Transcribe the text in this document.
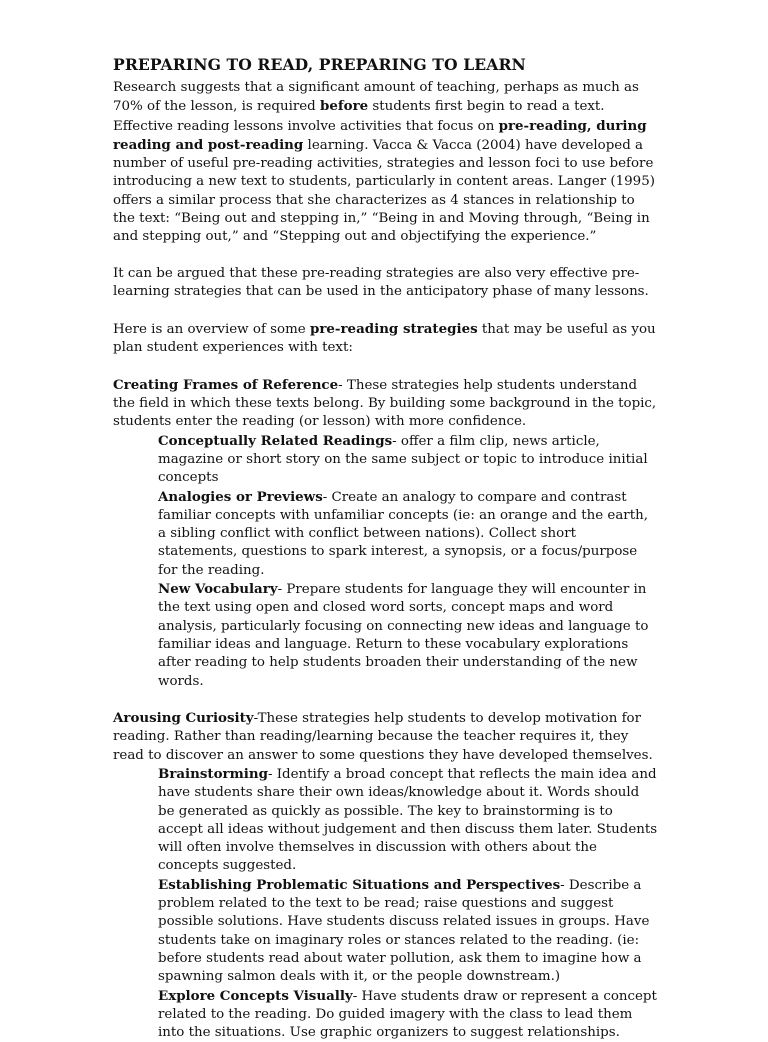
PREPARING TO READ, PREPARING TO LEARN

Research suggests that a significant amount of teaching, perhaps as much as 70% of the lesson, is required before students first begin to read a text. Effective reading lessons involve activities that focus on pre-reading, during reading and post-reading learning. Vacca & Vacca (2004) have developed a number of useful pre-reading activities, strategies and lesson foci to use before introducing a new text to students, particularly in content areas. Langer (1995) offers a similar process that she characterizes as 4 stances in relationship to the text: “Being out and stepping in,” “Being in and Moving through, “Being in and stepping out,” and “Stepping out and objectifying the experience.”

It can be argued that these pre-reading strategies are also very effective pre-learning strategies that can be used in the anticipatory phase of many lessons.

Here is an overview of some pre-reading strategies that may be useful as you plan student experiences with text:

Creating Frames of Reference- These strategies help students understand the field in which these texts belong. By building some background in the topic, students enter the reading (or lesson) with more confidence.

Conceptually Related Readings- offer a film clip, news article, magazine or short story on the same subject or topic to introduce initial concepts

Analogies or Previews- Create an analogy to compare and contrast familiar concepts with unfamiliar concepts (ie: an orange and the earth, a sibling conflict with conflict between nations). Collect short statements, questions to spark interest, a synopsis, or a focus/purpose for the reading.

New Vocabulary- Prepare students for language they will encounter in the text using open and closed word sorts, concept maps and word analysis, particularly focusing on connecting new ideas and language to familiar ideas and language. Return to these vocabulary explorations after reading to help students broaden their understanding of the new words.

Arousing Curiosity-These strategies help students to develop motivation for reading. Rather than reading/learning because the teacher requires it, they read to discover an answer to some questions they have developed themselves.

Brainstorming- Identify a broad concept that reflects the main idea and have students share their own ideas/knowledge about it. Words should be generated as quickly as possible. The key to brainstorming is to accept all ideas without judgement and then discuss them later. Students will often involve themselves in discussion with others about the concepts suggested.

Establishing Problematic Situations and Perspectives- Describe a problem related to the text to be read; raise questions and suggest possible solutions. Have students discuss related issues in groups. Have students take on imaginary roles or stances related to the reading. (ie: before students read about water pollution, ask them to imagine how a spawning salmon deals with it, or the people downstream.)

Explore Concepts Visually- Have students draw or represent a concept related to the reading. Do guided imagery with the class to lead them into the situations. Use graphic organizers to suggest relationships.
